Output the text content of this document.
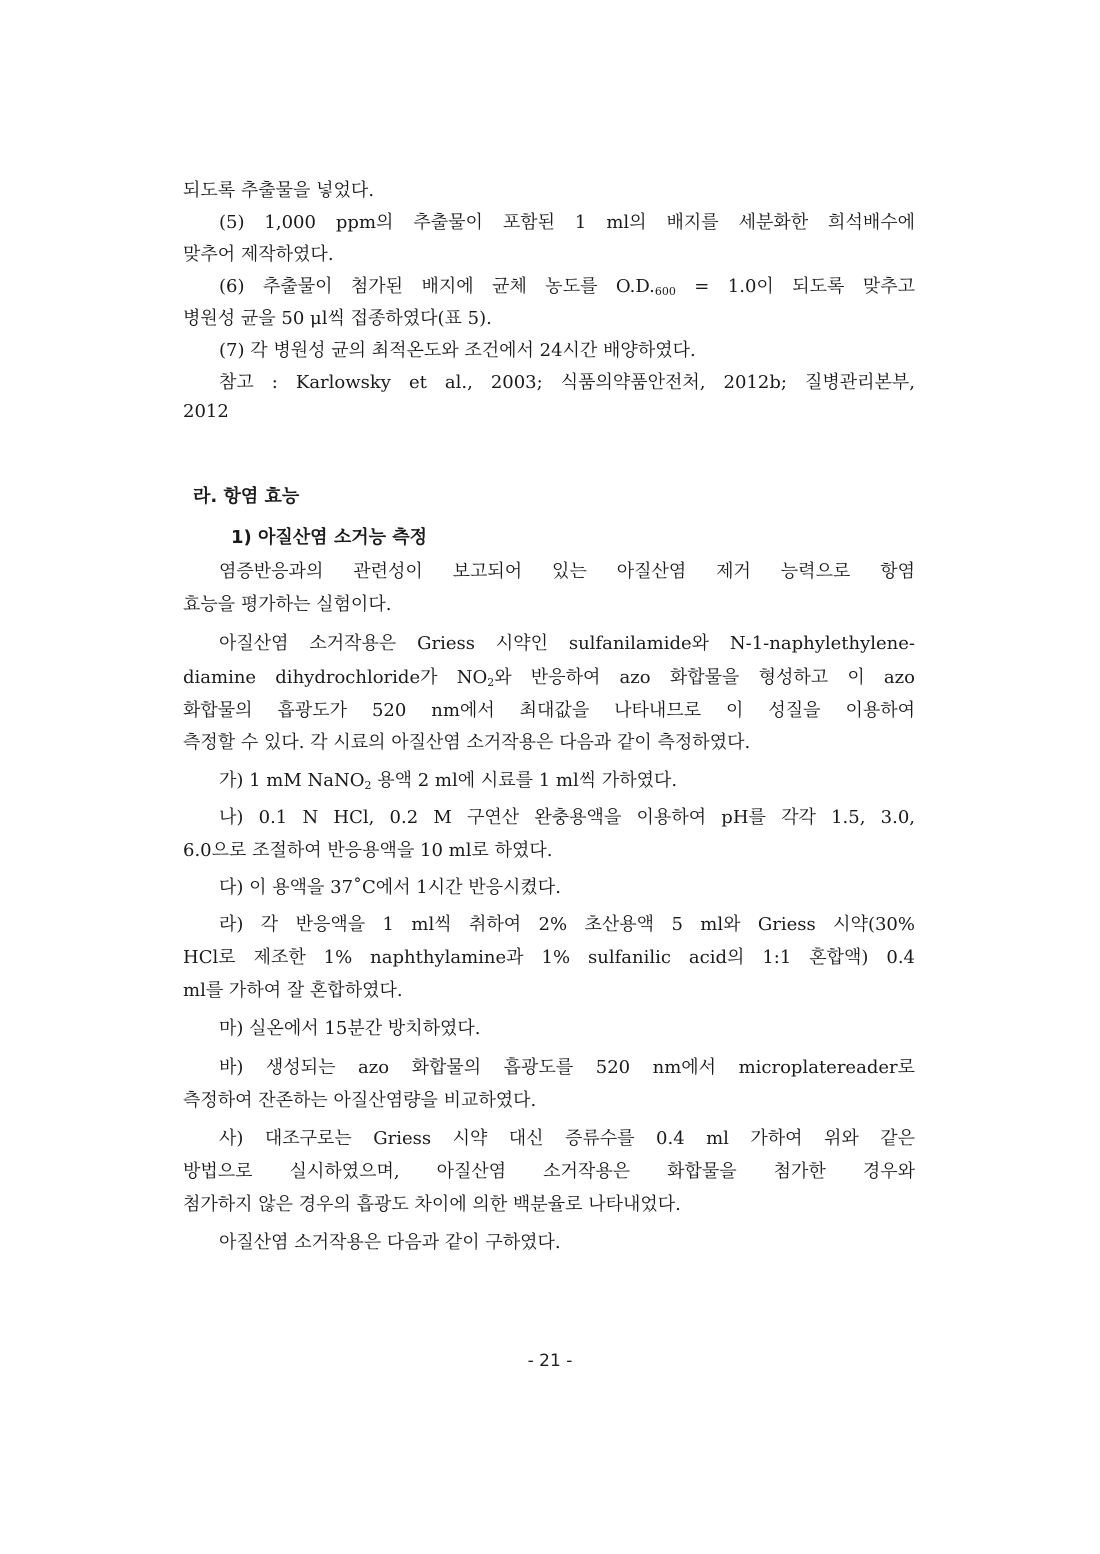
되도록 추출물을 넣었다.
(5) 1,000 ppm의 추출물이 포함된 1 ml의 배지를 세분화한 희석배수에
맞추어 제작하였다.
(6) 추출물이 첨가된 배지에 균체 농도를 $O.D._{600} = 1.0$이 되도록 맞추고
병원성 균을 50 μl씩 접종하였다(표 5).
(7) 각 병원성 균의 최적온도와 조건에서 24시간 배양하였다.
참고 : Karlowsky et al., 2003; 식품의약품안전처, 2012b; 질병관리본부,
2012
라. 항염 효능
1) 아질산염 소거능 측정
염증반응과의 관련성이 보고되어 있는 아질산염 제거 능력으로 항염
효능을 평가하는 실험이다.
아질산염 소거작용은 Griess 시약인 sulfanilamide와 N-1-naphylethylene-
diamine dihydrochloride가 $NO_2$와 반응하여 azo 화합물을 형성하고 이 azo
화합물의 흡광도가 520 nm에서 최대값을 나타내므로 이 성질을 이용하여
측정할 수 있다. 각 시료의 아질산염 소거작용은 다음과 같이 측정하였다.
가) 1 mM NaNO$_2$ 용액 2 ml에 시료를 1 ml씩 가하였다.
나) 0.1 N HCl, 0.2 M 구연산 완충용액을 이용하여 pH를 각각 1.5, 3.0,
6.0으로 조절하여 반응용액을 10 ml로 하였다.
다) 이 용액을 37˚C에서 1시간 반응시켰다.
라) 각 반응액을 1 ml씩 취하여 2% 초산용액 5 ml와 Griess 시약(30%
HCl로 제조한 1% naphthylamine과 1% sulfanilic acid의 1:1 혼합액) 0.4
ml를 가하여 잘 혼합하였다.
마) 실온에서 15분간 방치하였다.
바) 생성되는 azo 화합물의 흡광도를 520 nm에서 microplatereader로
측정하여 잔존하는 아질산염량을 비교하였다.
사) 대조구로는 Griess 시약 대신 증류수를 0.4 ml 가하여 위와 같은
방법으로 실시하였으며, 아질산염 소거작용은 화합물을 첨가한 경우와
첨가하지 않은 경우의 흡광도 차이에 의한 백분율로 나타내었다.
아질산염 소거작용은 다음과 같이 구하였다.
- 21 -
